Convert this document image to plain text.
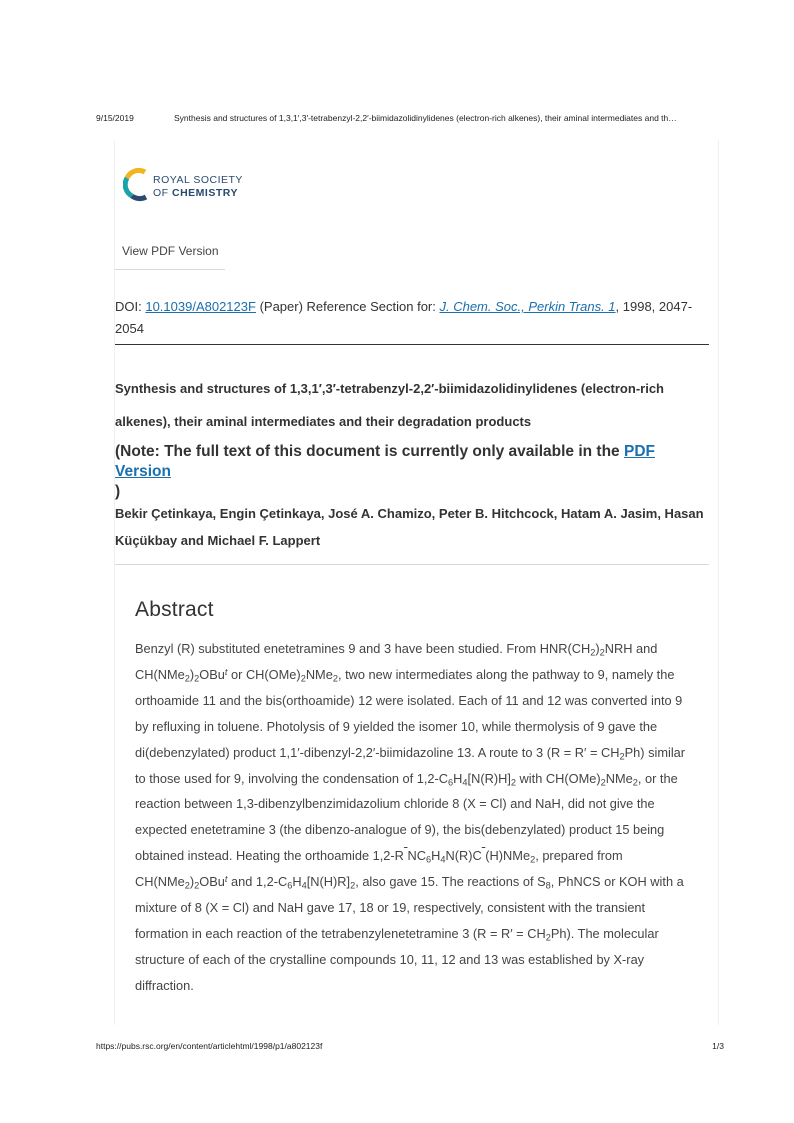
9/15/2019	Synthesis and structures of 1,3,1′,3′-tetrabenzyl-2,2′-biimidazolidinylidenes (electron-rich alkenes), their aminal intermediates and th…
ROYAL SOCIETY
OF CHEMISTRY
View PDF Version
DOI: 10.1039/A802123F (Paper) Reference Section for: J. Chem. Soc., Perkin Trans. 1, 1998, 2047-2054
Synthesis and structures of 1,3,1′,3′-tetrabenzyl-2,2′-biimidazolidinylidenes (electron-rich alkenes), their aminal intermediates and their degradation products
(Note: The full text of this document is currently only available in the PDF Version
)
Bekir Çetinkaya, Engin Çetinkaya, José A. Chamizo, Peter B. Hitchcock, Hatam A. Jasim, Hasan Küçükbay and Michael F. Lappert
Abstract

Benzyl (R) substituted enetetramines 9 and 3 have been studied. From $HNR(CH_2)_2NRH$ and $CH(NMe_2)_2OBu^t$ or $CH(OMe)_2NMe_2$, two new intermediates along the pathway to 9, namely the orthoamide 11 and the bis(orthoamide) 12 were isolated. Each of 11 and 12 was converted into 9 by refluxing in toluene. Photolysis of 9 yielded the isomer 10, while thermolysis of 9 gave the di(debenzylated) product 1,1′-dibenzyl-2,2′-biimidazoline 13. A route to 3 $(R = R' = CH_2Ph)$ similar to those used for 9, involving the condensation of $1,2-C_6H_4[N(R)H]_2$ with $CH(OMe)_2NMe_2$, or the reaction between 1,3-dibenzylbenzimidazolium chloride 8 (X = Cl) and NaH, did not give the expected enetetramine 3 (the dibenzo-analogue of 9), the bis(debenzylated) product 15 being obtained instead. Heating the orthoamide 1,2-R $NC_6H_4N(R)C$ (H)NMe$_2$, prepared from $CH(NMe_2)_2OBu^t$ and $1,2-C_6H_4[N(H)R]_2$, also gave 15. The reactions of $S_8$, PhNCS or KOH with a mixture of 8 (X = Cl) and NaH gave 17, 18 or 19, respectively, consistent with the transient formation in each reaction of the tetrabenzylenetetramine 3 $(R = R' = CH_2Ph)$. The molecular structure of each of the crystalline compounds 10, 11, 12 and 13 was established by X-ray diffraction.

https://pubs.rsc.org/en/content/articlehtml/1998/p1/a802123f	1/3
